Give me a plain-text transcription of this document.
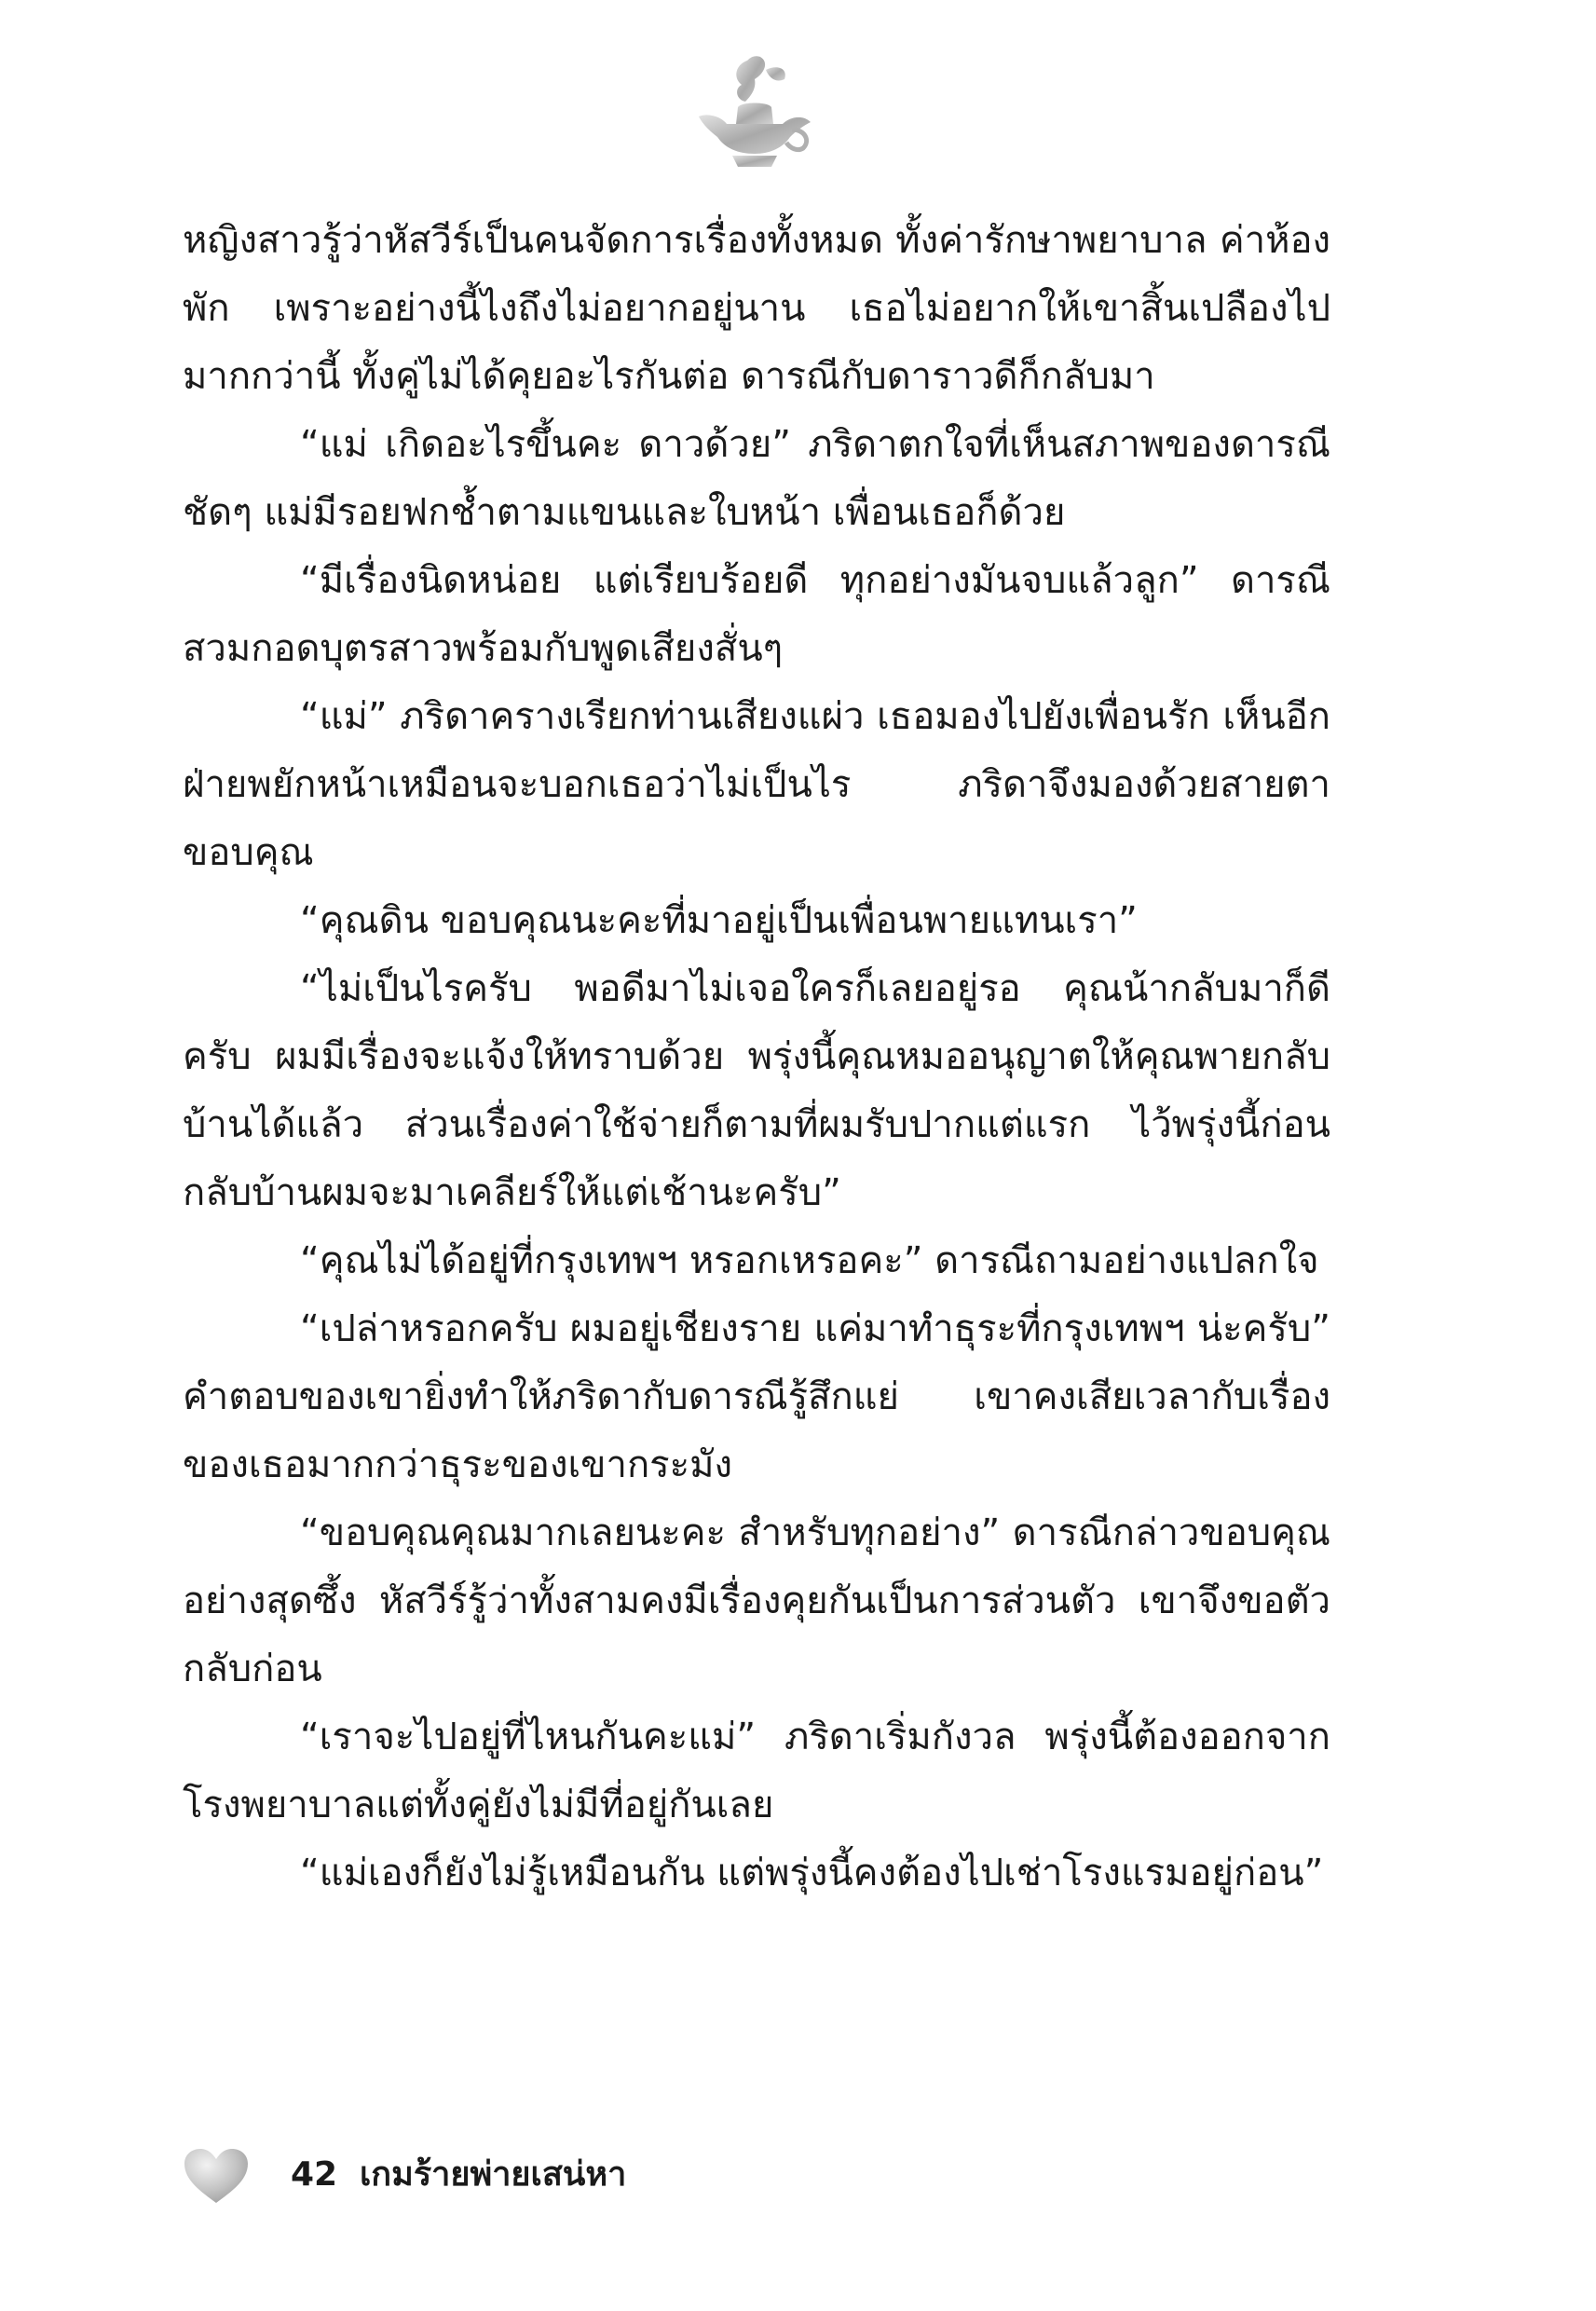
หญิงสาวรู้ว่าหัสวีร์เป็นคนจัดการเรื่องทั้งหมด ทั้งค่ารักษาพยาบาล ค่าห้องพัก เพราะอย่างนี้ไงถึงไม่อยากอยู่นาน เธอไม่อยากให้เขาสิ้นเปลืองไปมากกว่านี้ ทั้งคู่ไม่ได้คุยอะไรกันต่อ ดารณีกับดาราวดีก็กลับมา

“แม่ เกิดอะไรขึ้นคะ ดาวด้วย” ภริดาตกใจที่เห็นสภาพของดารณีชัดๆ แม่มีรอยฟกช้ำตามแขนและใบหน้า เพื่อนเธอก็ด้วย

“มีเรื่องนิดหน่อย แต่เรียบร้อยดี ทุกอย่างมันจบแล้วลูก” ดารณีสวมกอดบุตรสาวพร้อมกับพูดเสียงสั่นๆ

“แม่” ภริดาครางเรียกท่านเสียงแผ่ว เธอมองไปยังเพื่อนรัก เห็นอีกฝ่ายพยักหน้าเหมือนจะบอกเธอว่าไม่เป็นไร ภริดาจึงมองด้วยสายตาขอบคุณ

“คุณดิน ขอบคุณนะคะที่มาอยู่เป็นเพื่อนพายแทนเรา”

“ไม่เป็นไรครับ พอดีมาไม่เจอใครก็เลยอยู่รอ คุณน้ากลับมาก็ดีครับ ผมมีเรื่องจะแจ้งให้ทราบด้วย พรุ่งนี้คุณหมออนุญาตให้คุณพายกลับบ้านได้แล้ว ส่วนเรื่องค่าใช้จ่ายก็ตามที่ผมรับปากแต่แรก ไว้พรุ่งนี้ก่อนกลับบ้านผมจะมาเคลียร์ให้แต่เช้านะครับ”

“คุณไม่ได้อยู่ที่กรุงเทพฯ หรอกเหรอคะ” ดารณีถามอย่างแปลกใจ

“เปล่าหรอกครับ ผมอยู่เชียงราย แค่มาทำธุระที่กรุงเทพฯ น่ะครับ” คำตอบของเขายิ่งทำให้ภริดากับดารณีรู้สึกแย่ เขาคงเสียเวลากับเรื่องของเธอมากกว่าธุระของเขากระมัง

“ขอบคุณคุณมากเลยนะคะ สำหรับทุกอย่าง” ดารณีกล่าวขอบคุณอย่างสุดซึ้ง หัสวีร์รู้ว่าทั้งสามคงมีเรื่องคุยกันเป็นการส่วนตัว เขาจึงขอตัวกลับก่อน

“เราจะไปอยู่ที่ไหนกันคะแม่” ภริดาเริ่มกังวล พรุ่งนี้ต้องออกจากโรงพยาบาลแต่ทั้งคู่ยังไม่มีที่อยู่กันเลย

“แม่เองก็ยังไม่รู้เหมือนกัน แต่พรุ่งนี้คงต้องไปเช่าโรงแรมอยู่ก่อน”

42 เกมร้ายพ่ายเสน่หา
